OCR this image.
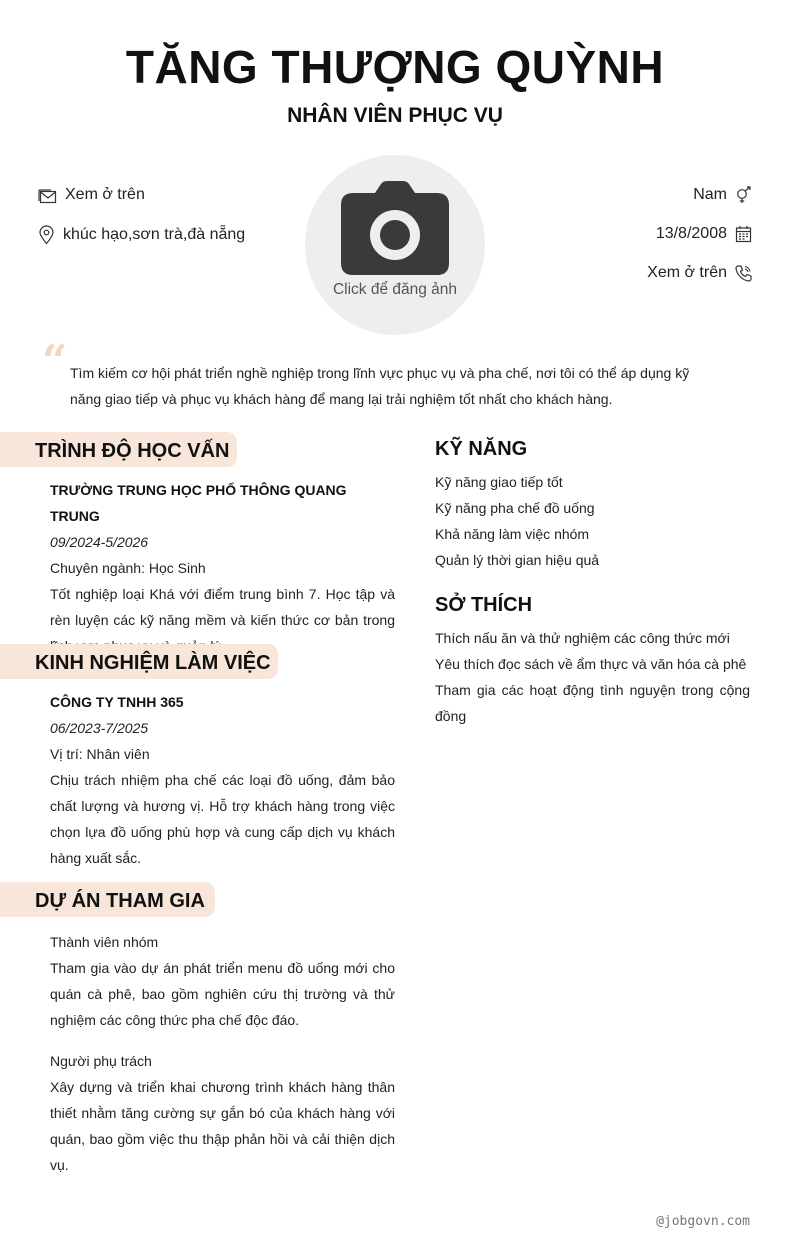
TĂNG THƯỢNG QUỲNH
NHÂN VIÊN PHỤC VỤ
Xem ở trên
khúc hạo,sơn trà,đà nẵng
Nam
13/8/2008
Xem ở trên
Click để đăng ảnh
“ Tìm kiếm cơ hội phát triển nghề nghiệp trong lĩnh vực phục vụ và pha chế, nơi tôi có thể áp dụng kỹ năng giao tiếp và phục vụ khách hàng để mang lại trải nghiệm tốt nhất cho khách hàng.
TRÌNH ĐỘ HỌC VẤN
TRƯỜNG TRUNG HỌC PHỔ THÔNG QUANG TRUNG
09/2024-5/2026
Chuyên ngành: Học Sinh
Tốt nghiệp loại Khá với điểm trung bình 7. Học tập và rèn luyện các kỹ năng mềm và kiến thức cơ bản trong
KINH NGHIỆM LÀM VIỆC
CÔNG TY TNHH 365
06/2023-7/2025
Vị trí: Nhân viên
Chịu trách nhiệm pha chế các loại đồ uống, đảm bảo chất lượng và hương vị. Hỗ trợ khách hàng trong việc chọn lựa đồ uống phù hợp và cung cấp dịch vụ khách hàng xuất sắc.
DỰ ÁN THAM GIA
Thành viên nhóm
Tham gia vào dự án phát triển menu đồ uống mới cho quán cà phê, bao gồm nghiên cứu thị trường và thử nghiệm các công thức pha chế độc đáo.
Người phụ trách
Xây dựng và triển khai chương trình khách hàng thân thiết nhằm tăng cường sự gắn bó của khách hàng với quán, bao gồm việc thu thập phản hồi và cải thiện dịch vụ.
KỸ NĂNG
Kỹ năng giao tiếp tốt
Kỹ năng pha chế đồ uống
Khả năng làm việc nhóm
Quản lý thời gian hiệu quả
SỞ THÍCH
Thích nấu ăn và thử nghiệm các công thức mới
Yêu thích đọc sách về ẩm thực và văn hóa cà phê
Tham gia các hoạt động tình nguyện trong cộng đồng
@jobgovn.com
